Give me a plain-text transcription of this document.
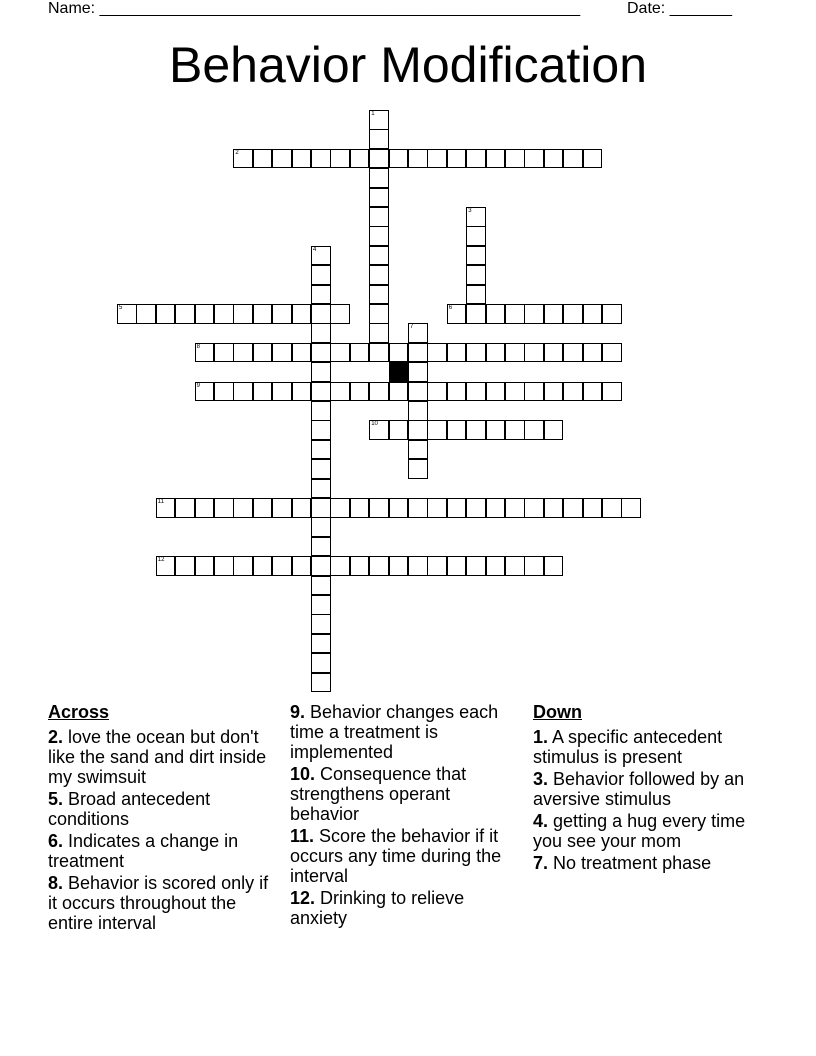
Name: ______________________________________________________	Date: _______
Behavior Modification
1
2
3
4
5	6
7
8
9
10
11
12
Across
2. love the ocean but don't like the sand and dirt inside my swimsuit
5. Broad antecedent conditions
6. Indicates a change in treatment
8. Behavior is scored only if it occurs throughout the entire interval
9. Behavior changes each time a treatment is implemented
10. Consequence that strengthens operant behavior
11. Score the behavior if it occurs any time during the interval
12. Drinking to relieve anxiety
Down
1. A specific antecedent stimulus is present
3. Behavior followed by an aversive stimulus
4. getting a hug every time you see your mom
7. No treatment phase
